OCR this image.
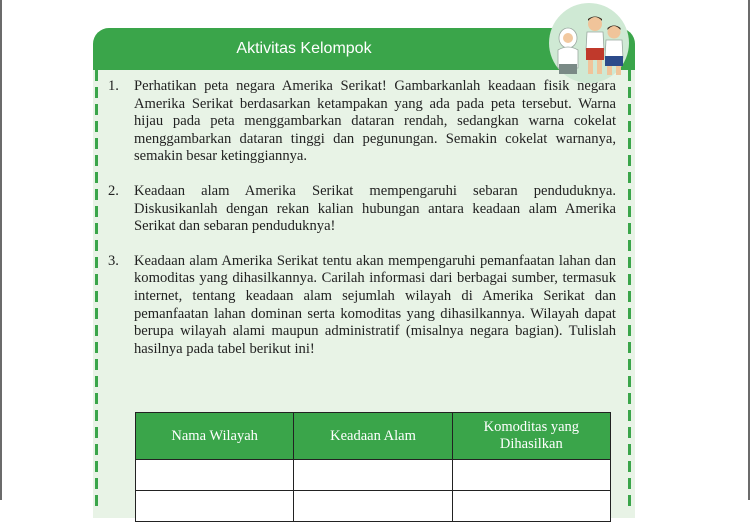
Aktivitas Kelompok
1. Perhatikan peta negara Amerika Serikat! Gambarkanlah keadaan fisik negara Amerika Serikat berdasarkan ketampakan yang ada pada peta tersebut. Warna hijau pada peta menggambarkan dataran rendah, sedangkan warna cokelat menggambarkan dataran tinggi dan pegunungan. Semakin cokelat warnanya, semakin besar ketinggiannya.
2. Keadaan alam Amerika Serikat mempengaruhi sebaran penduduknya. Diskusikanlah dengan rekan kalian hubungan antara keadaan alam Amerika Serikat dan sebaran penduduknya!
3. Keadaan alam Amerika Serikat tentu akan mempengaruhi pemanfaatan lahan dan komoditas yang dihasilkannya. Carilah informasi dari berbagai sumber, termasuk internet, tentang keadaan alam sejumlah wilayah di Amerika Serikat dan pemanfaatan lahan dominan serta komoditas yang dihasilkannya. Wilayah dapat berupa wilayah alami maupun administratif (misalnya negara bagian). Tulislah hasilnya pada tabel berikut ini!
Nama Wilayah	Keadaan Alam	Komoditas yang Dihasilkan
